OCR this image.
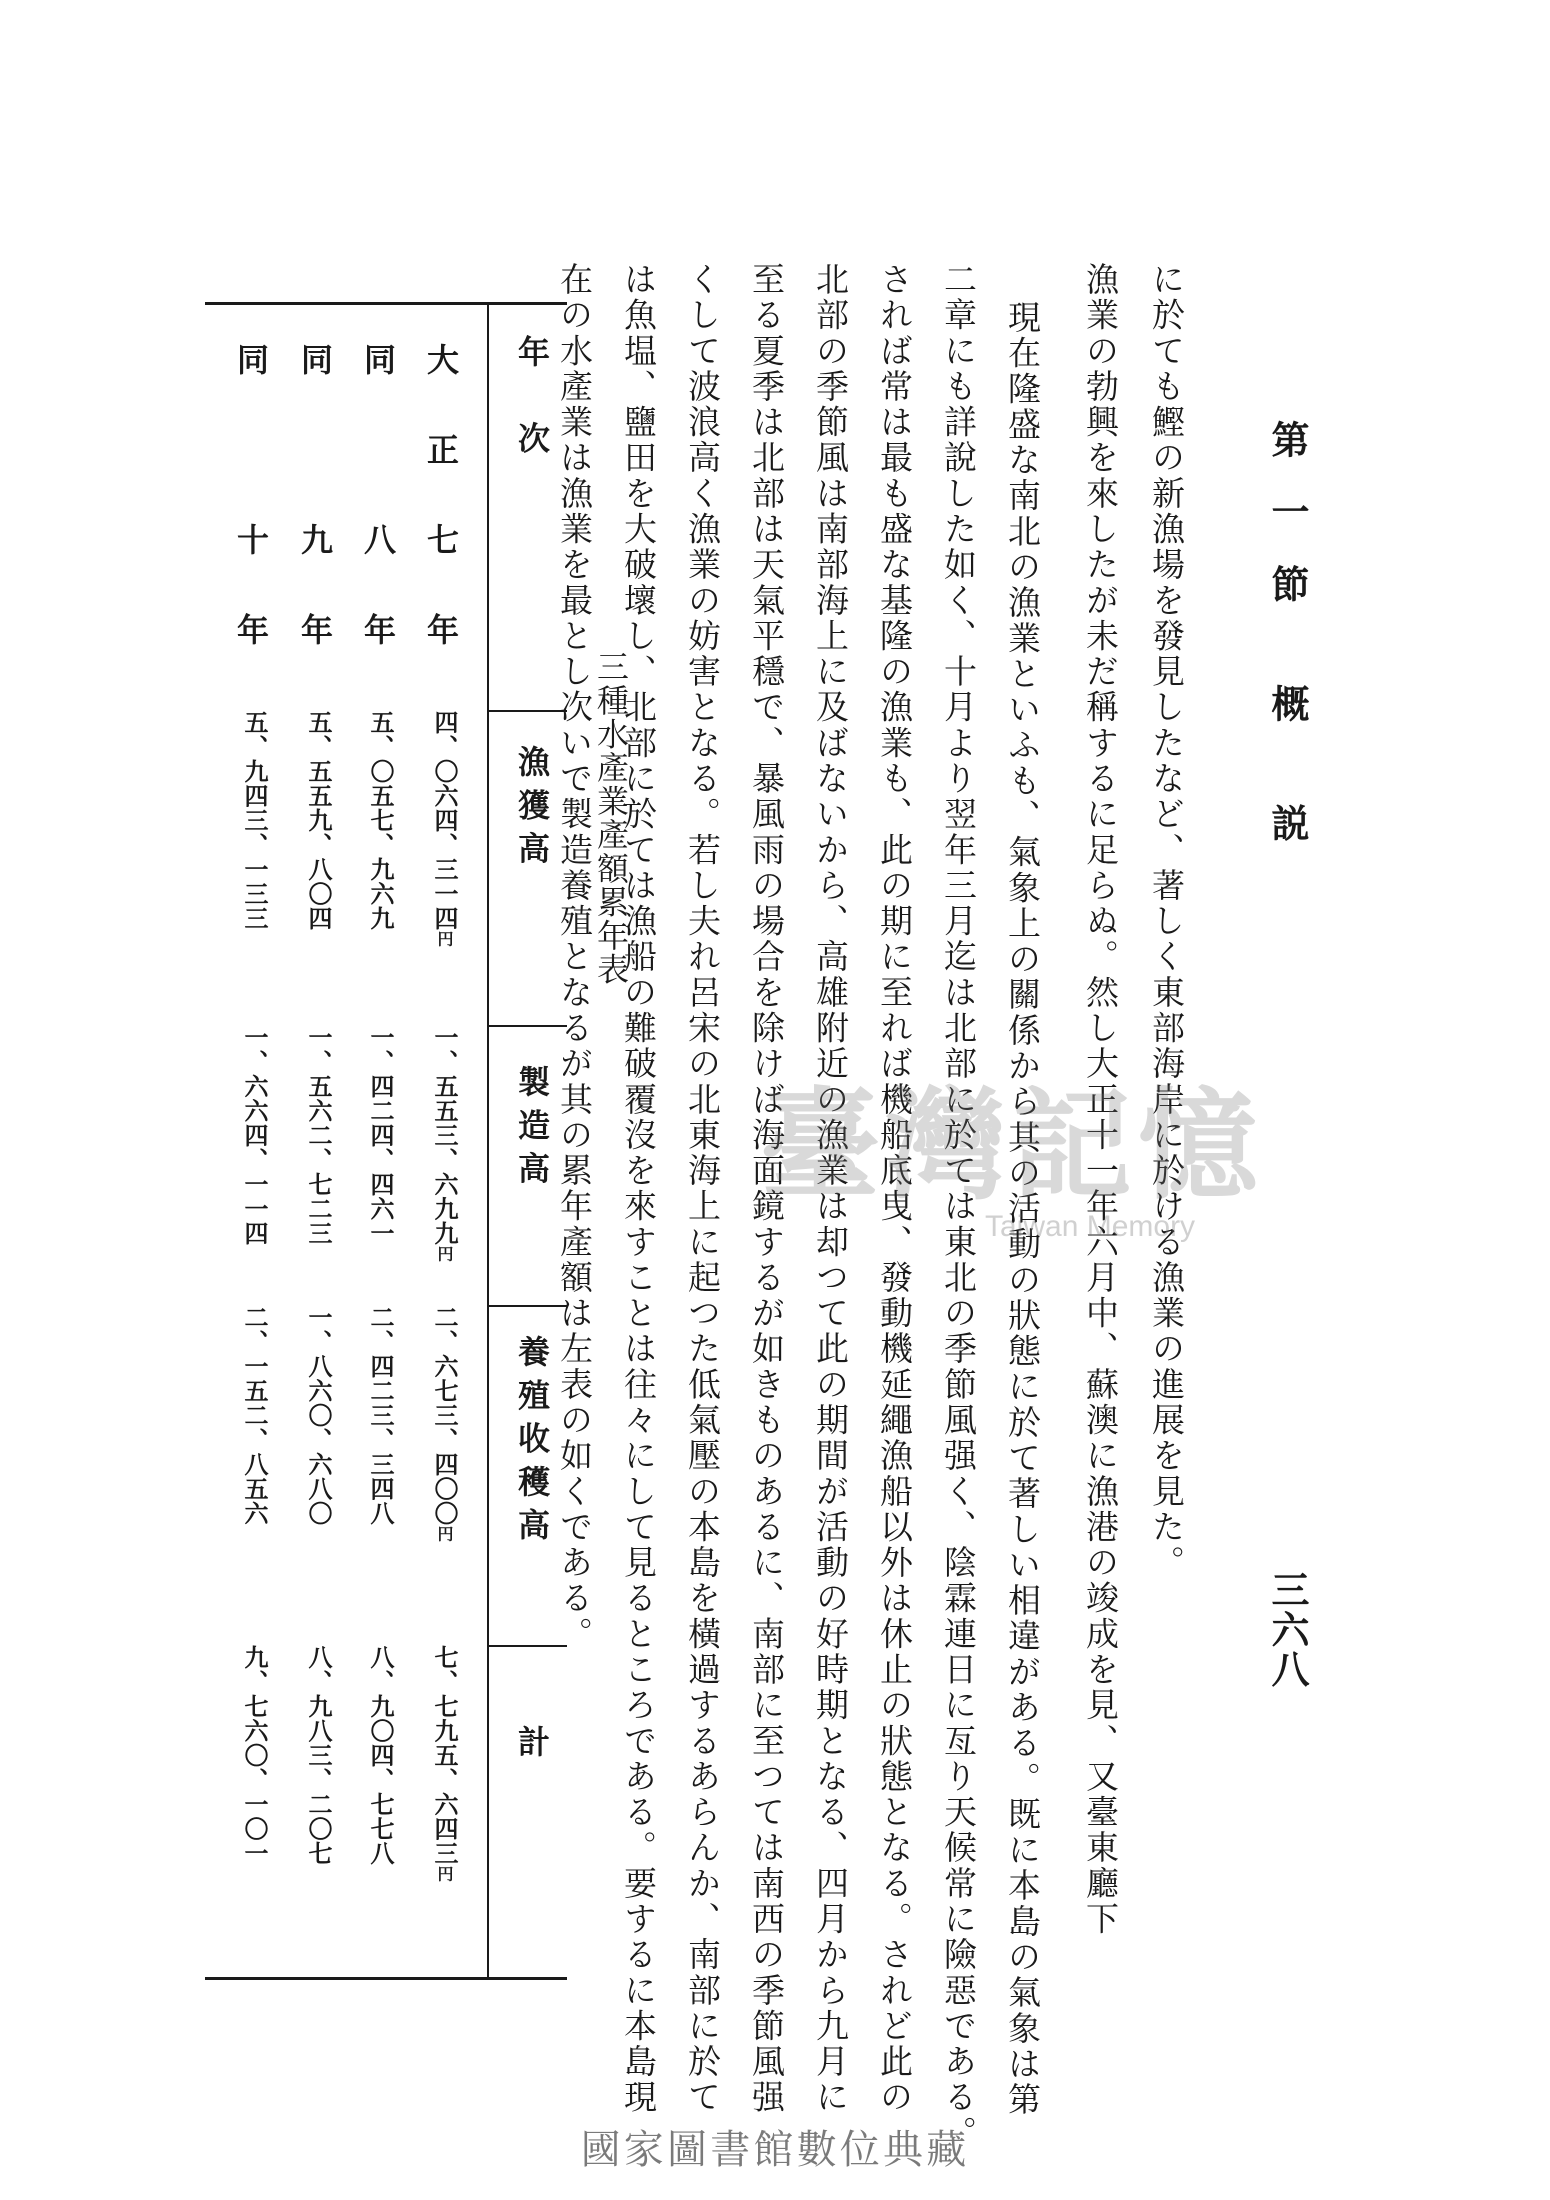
第一節 概 説
三六八
に於ても鰹の新漁場を發見したなど、著しく東部海岸に於ける漁業の進展を見た。
漁業の勃興を來したが未だ稱するに足らぬ。然し大正十一年六月中、蘇澳に漁港の竣成を見、又臺東廳下
現在隆盛な南北の漁業といふも、氣象上の關係から其の活動の狀態に於て著しい相違がある。既に本島の氣象は第
二章にも詳說した如く、十月より翌年三月迄は北部に於ては東北の季節風强く、陰霖連日に亙り天候常に險惡である。
されば常は最も盛な基隆の漁業も、此の期に至れば機船底曳、發動機延繩漁船以外は休止の狀態となる。されど此の
北部の季節風は南部海上に及ばないから、高雄附近の漁業は却つて此の期間が活動の好時期となる、四月から九月に
至る夏季は北部は天氣平穩で、暴風雨の場合を除けば海面鏡するが如きものあるに、南部に至つては南西の季節風强
くして波浪高く漁業の妨害となる。若し夫れ呂宋の北東海上に起つた低氣壓の本島を橫過するあらんか、南部に於て
は魚塭、鹽田を大破壞し、北部に於ては漁船の難破覆沒を來すことは往々にして見るところである。要するに本島現
在の水產業は漁業を最とし次いで製造養殖となるが其の累年產額は左表の如くである。
三種水產業產額累年表
年　次
漁獲高
製造高
養殖收穫高
計
大
正
七
年
四、〇六四、三一四円
一、五五三、六九九円
二、六七三、四〇〇円
七、七九五、六四三円
同
八
年
五、〇五七、九六九
一、四二四、四六一
二、四二三、三四八
八、九〇四、七七八
同
九
年
五、五五九、八〇四
一、五六二、七二三
一、八六〇、六八〇
八、九八三、二〇七
同
十
年
五、九四三、一三三
一、六六四、一一四
二、一五二、八五六
九、七六〇、一〇一
臺灣記憶
Taiwan Memory
國家圖書館數位典藏
